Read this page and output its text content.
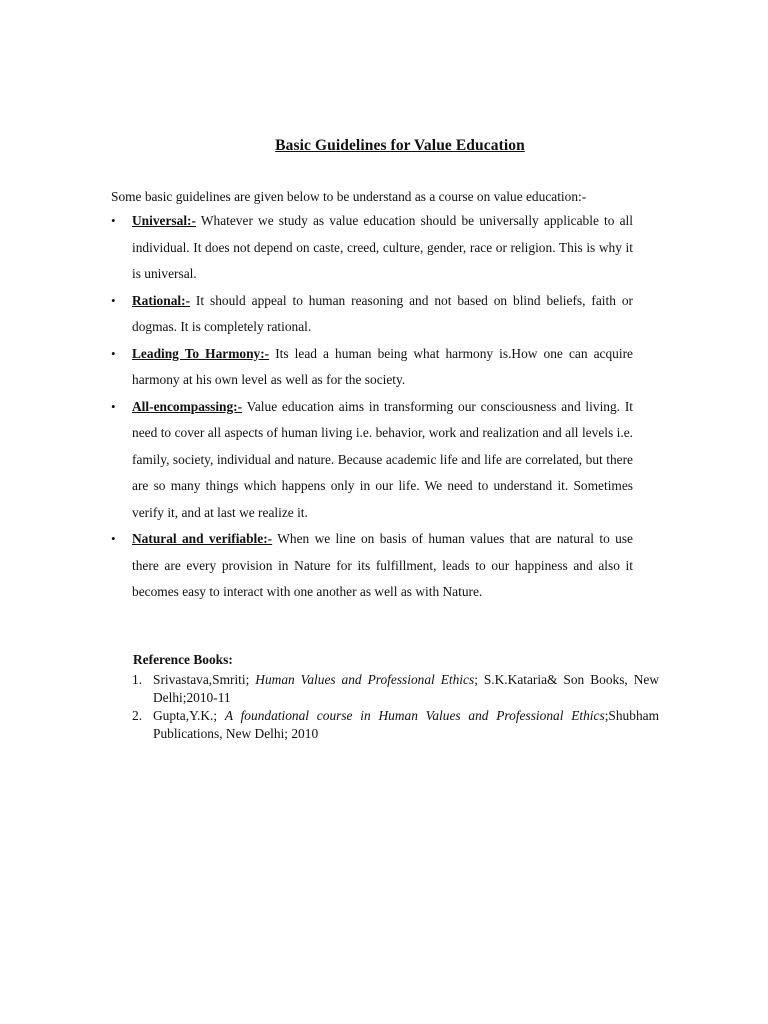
Basic Guidelines for Value Education

Some basic guidelines are given below to be understand as a course on value education:-

• Universal:- Whatever we study as value education should be universally applicable to all individual. It does not depend on caste, creed, culture, gender, race or religion. This is why it is universal.
• Rational:- It should appeal to human reasoning and not based on blind beliefs, faith or dogmas. It is completely rational.
• Leading To Harmony:- Its lead a human being what harmony is.How one can acquire harmony at his own level as well as for the society.
• All-encompassing:- Value education aims in transforming our consciousness and living. It need to cover all aspects of human living i.e. behavior, work and realization and all levels i.e. family, society, individual and nature. Because academic life and life are correlated, but there are so many things which happens only in our life. We need to understand it. Sometimes verify it, and at last we realize it.
• Natural and verifiable:- When we line on basis of human values that are natural to use there are every provision in Nature for its fulfillment, leads to our happiness and also it becomes easy to interact with one another as well as with Nature.
Reference Books:
1. Srivastava,Smriti; Human Values and Professional Ethics; S.K.Kataria& Son Books, New Delhi;2010-11
2. Gupta,Y.K.; A foundational course in Human Values and Professional Ethics;Shubham Publications, New Delhi; 2010
